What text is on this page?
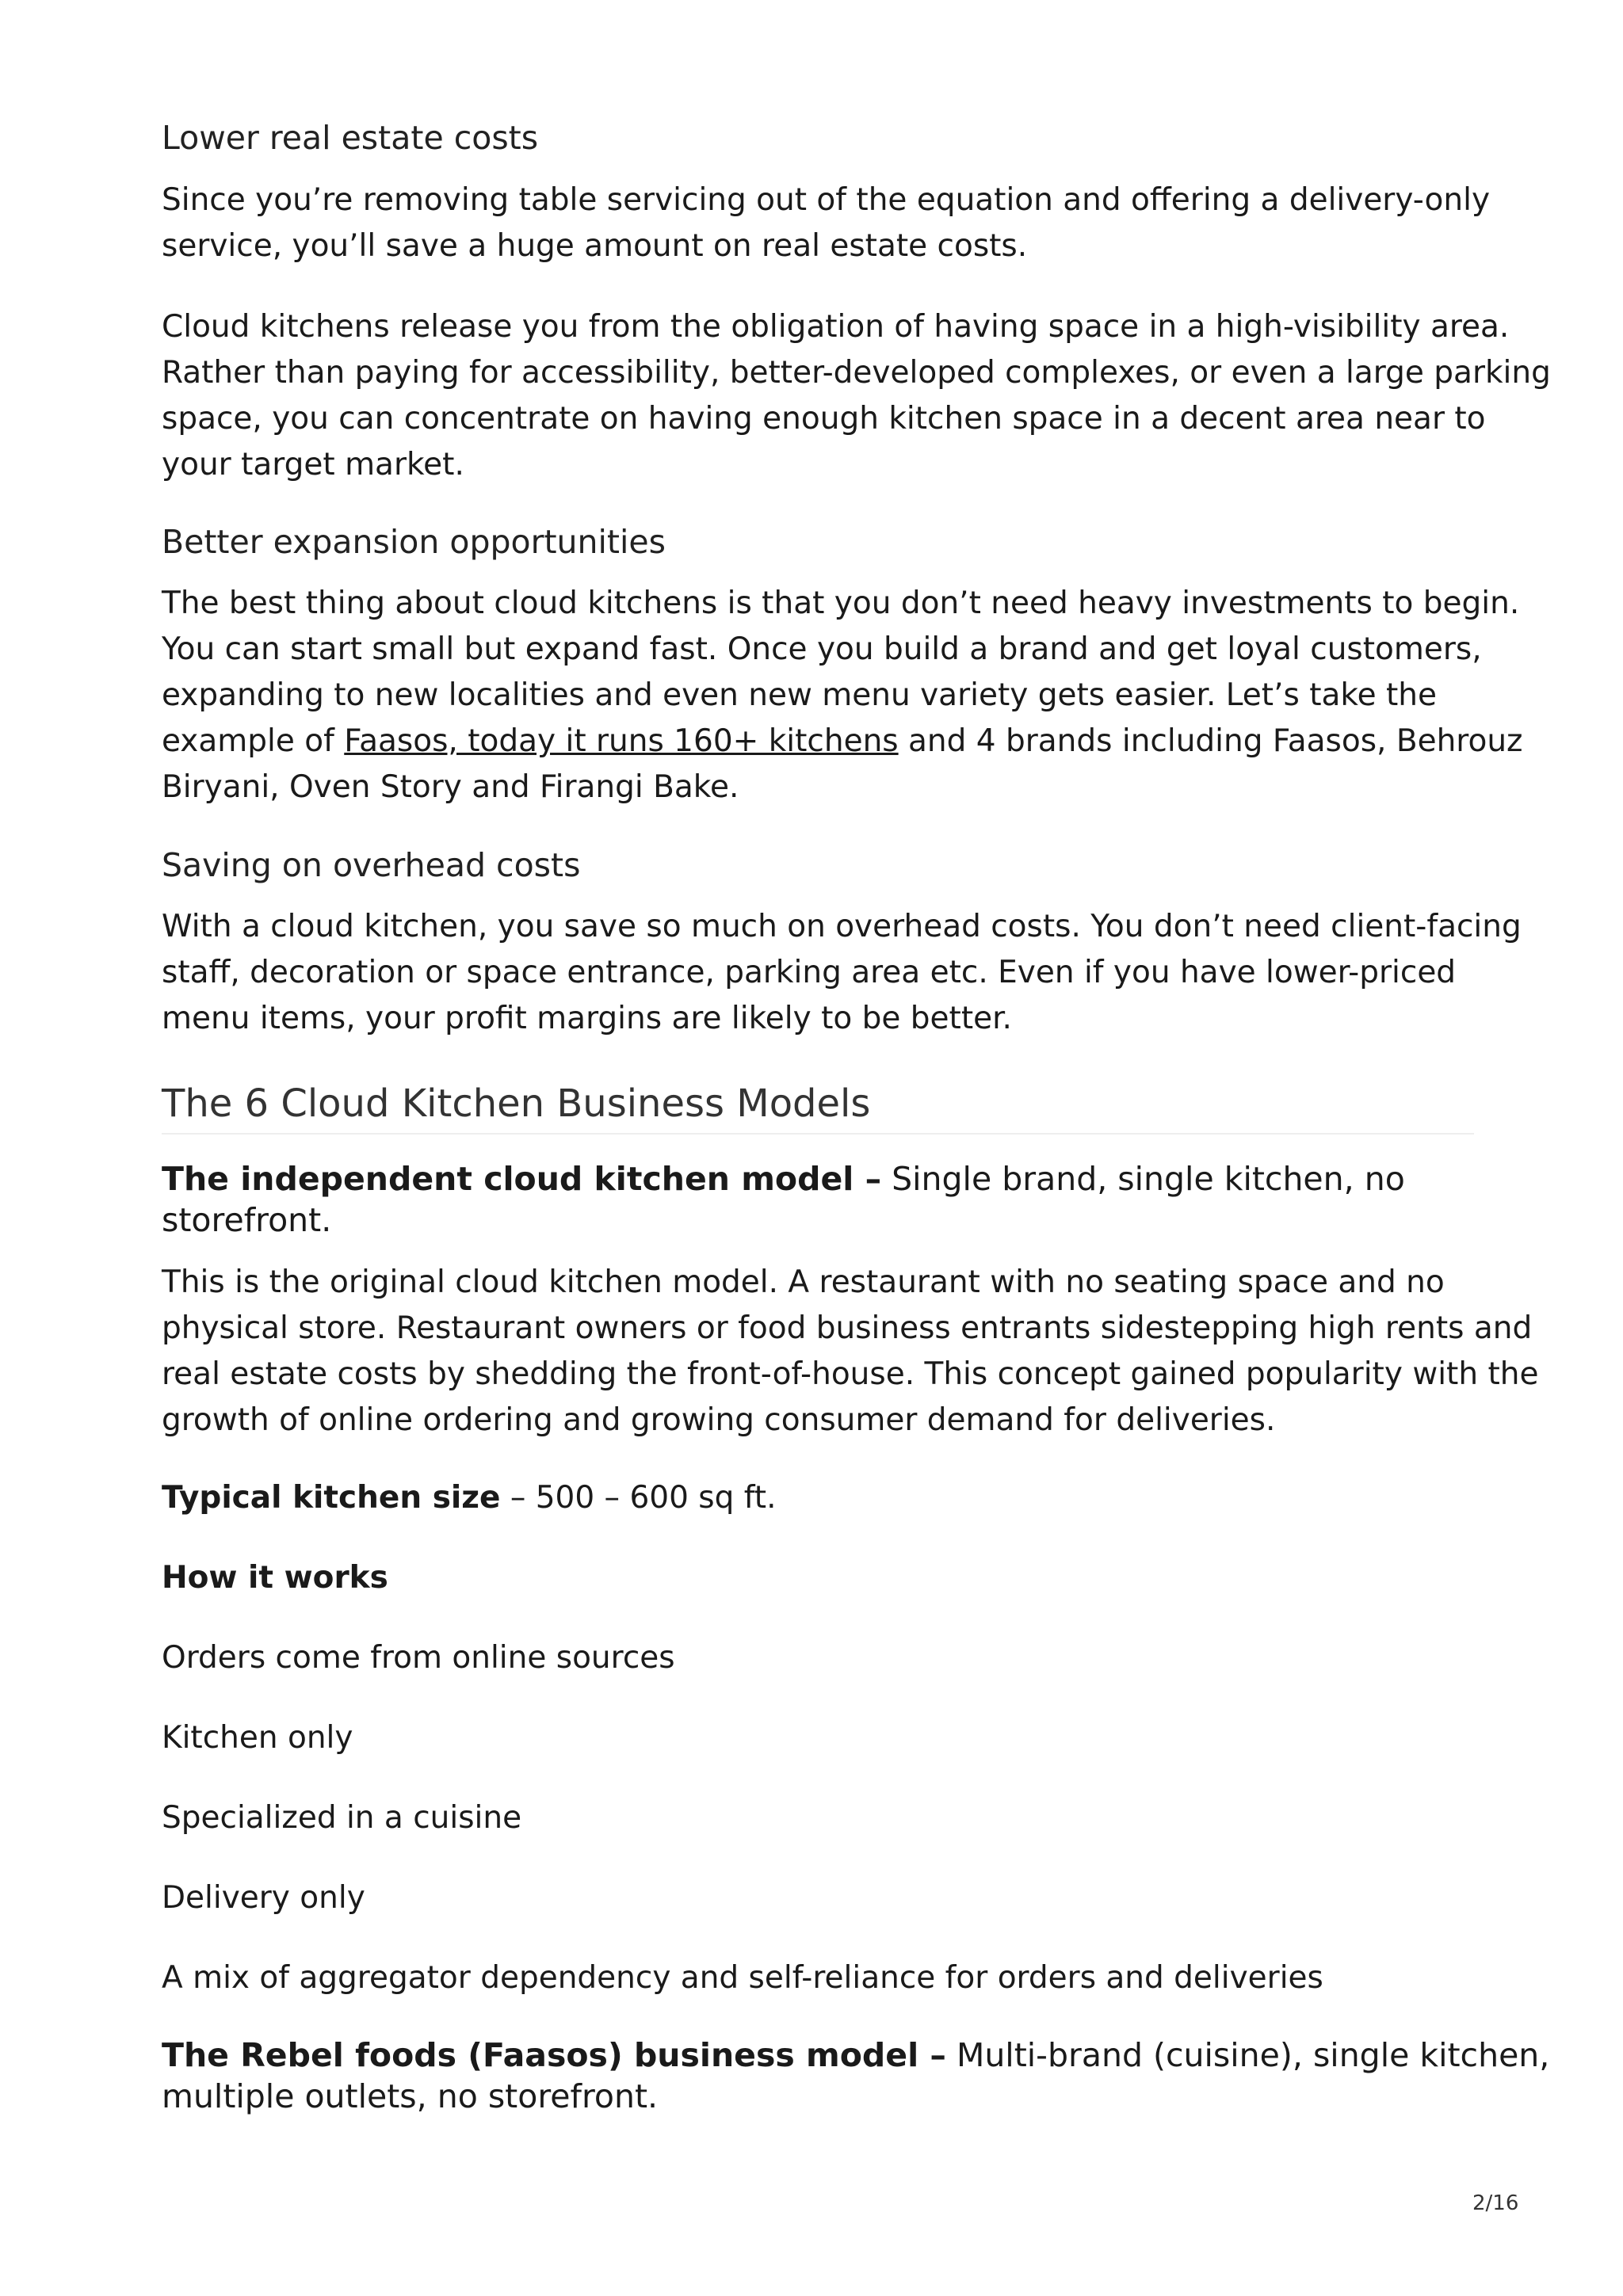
Lower real estate costs

Since you’re removing table servicing out of the equation and offering a delivery-only
service, you’ll save a huge amount on real estate costs.

Cloud kitchens release you from the obligation of having space in a high-visibility area.
Rather than paying for accessibility, better-developed complexes, or even a large parking
space, you can concentrate on having enough kitchen space in a decent area near to
your target market.

Better expansion opportunities

The best thing about cloud kitchens is that you don’t need heavy investments to begin.
You can start small but expand fast. Once you build a brand and get loyal customers,
expanding to new localities and even new menu variety gets easier. Let’s take the
example of Faasos, today it runs 160+ kitchens and 4 brands including Faasos, Behrouz
Biryani, Oven Story and Firangi Bake.

Saving on overhead costs

With a cloud kitchen, you save so much on overhead costs. You don’t need client-facing
staff, decoration or space entrance, parking area etc. Even if you have lower-priced
menu items, your profit margins are likely to be better.

The 6 Cloud Kitchen Business Models
The independent cloud kitchen model – Single brand, single kitchen, no
storefront.

This is the original cloud kitchen model. A restaurant with no seating space and no
physical store. Restaurant owners or food business entrants sidestepping high rents and
real estate costs by shedding the front-of-house. This concept gained popularity with the
growth of online ordering and growing consumer demand for deliveries.

Typical kitchen size – 500 – 600 sq ft.

How it works

Orders come from online sources

Kitchen only

Specialized in a cuisine

Delivery only

A mix of aggregator dependency and self-reliance for orders and deliveries

The Rebel foods (Faasos) business model – Multi-brand (cuisine), single kitchen,
multiple outlets, no storefront.
2/16
